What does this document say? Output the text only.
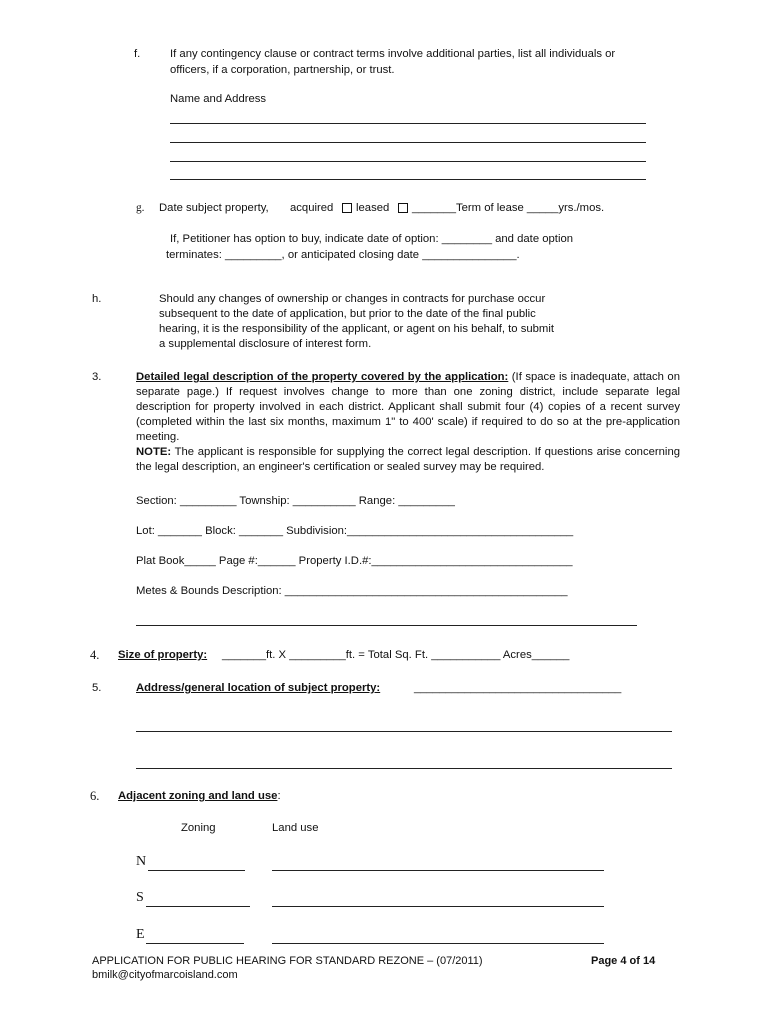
f.	If any contingency clause or contract terms involve additional parties, list all individuals or
officers, if a corporation, partnership, or trust.
Name and Address
g. Date subject property, acquired leased _______Term of lease _____yrs./mos.
If, Petitioner has option to buy, indicate date of option: ________ and date option
terminates: _________, or anticipated closing date _______________.
h.	Should any changes of ownership or changes in contracts for purchase occur
subsequent to the date of application, but prior to the date of the final public
hearing, it is the responsibility of the applicant, or agent on his behalf, to submit
a supplemental disclosure of interest form.
3.	Detailed legal description of the property covered by the application: (If space is inadequate, attach on separate page.) If request involves change to more than one zoning district, include separate legal description for property involved in each district. Applicant shall submit four (4) copies of a recent survey (completed within the last six months, maximum 1" to 400' scale) if required to do so at the pre-application meeting.
NOTE: The applicant is responsible for supplying the correct legal description. If questions arise concerning the legal description, an engineer's certification or sealed survey may be required.
Section: _________ Township: __________ Range: _________
Lot: _______ Block: _______ Subdivision:____________________________________
Plat Book_____ Page #:______ Property I.D.#:________________________________
Metes & Bounds Description: _____________________________________________
4. Size of property: _______ft. X _________ft. = Total Sq. Ft. ___________ Acres______
5.	Address/general location of subject property:	_________________________________
6. Adjacent zoning and land use:
Zoning	Land use
N
S
E
APPLICATION FOR PUBLIC HEARING FOR STANDARD REZONE – (07/2011)
bmilk@cityofmarcoisland.com
Page 4 of 14
